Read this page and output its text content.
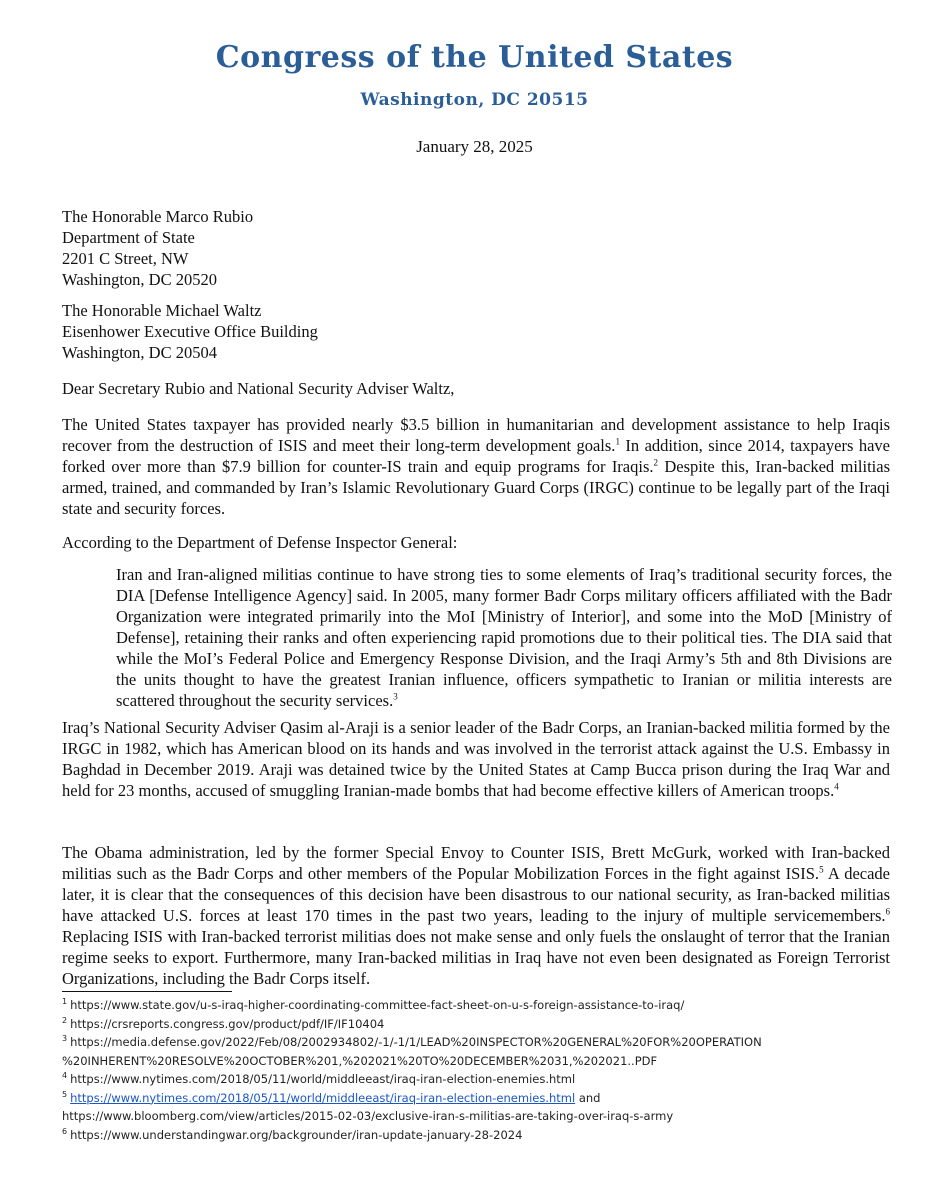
Congress of the United States
Washington, DC 20515
January 28, 2025
The Honorable Marco Rubio
Department of State
2201 C Street, NW
Washington, DC 20520
The Honorable Michael Waltz
Eisenhower Executive Office Building
Washington, DC 20504
Dear Secretary Rubio and National Security Adviser Waltz,

The United States taxpayer has provided nearly $3.5 billion in humanitarian and development assistance to help Iraqis recover from the destruction of ISIS and meet their long-term development goals.$^1$ In addition, since 2014, taxpayers have forked over more than $7.9 billion for counter-IS train and equip programs for Iraqis.$^2$ Despite this, Iran-backed militias armed, trained, and commanded by Iran’s Islamic Revolutionary Guard Corps (IRGC) continue to be legally part of the Iraqi state and security forces.

According to the Department of Defense Inspector General:

Iran and Iran-aligned militias continue to have strong ties to some elements of Iraq’s traditional security forces, the DIA [Defense Intelligence Agency] said. In 2005, many former Badr Corps military officers affiliated with the Badr Organization were integrated primarily into the MoI [Ministry of Interior], and some into the MoD [Ministry of Defense], retaining their ranks and often experiencing rapid promotions due to their political ties. The DIA said that while the MoI’s Federal Police and Emergency Response Division, and the Iraqi Army’s 5th and 8th Divisions are the units thought to have the greatest Iranian influence, officers sympathetic to Iranian or militia interests are scattered throughout the security services.$^3$

Iraq’s National Security Adviser Qasim al-Araji is a senior leader of the Badr Corps, an Iranian-backed militia formed by the IRGC in 1982, which has American blood on its hands and was involved in the terrorist attack against the U.S. Embassy in Baghdad in December 2019. Araji was detained twice by the United States at Camp Bucca prison during the Iraq War and held for 23 months, accused of smuggling Iranian-made bombs that had become effective killers of American troops.$^4$

The Obama administration, led by the former Special Envoy to Counter ISIS, Brett McGurk, worked with Iran-backed militias such as the Badr Corps and other members of the Popular Mobilization Forces in the fight against ISIS.$^5$ A decade later, it is clear that the consequences of this decision have been disastrous to our national security, as Iran-backed militias have attacked U.S. forces at least 170 times in the past two years, leading to the injury of multiple servicemembers.$^6$ Replacing ISIS with Iran-backed terrorist militias does not make sense and only fuels the onslaught of terror that the Iranian regime seeks to export. Furthermore, many Iran-backed militias in Iraq have not even been designated as Foreign Terrorist Organizations, including the Badr Corps itself.

$^1$ https://www.state.gov/u-s-iraq-higher-coordinating-committee-fact-sheet-on-u-s-foreign-assistance-to-iraq/
$^2$ https://crsreports.congress.gov/product/pdf/IF/IF10404
$^3$ https://media.defense.gov/2022/Feb/08/2002934802/-1/-1/1/LEAD%20INSPECTOR%20GENERAL%20FOR%20OPERATION
%20INHERENT%20RESOLVE%20OCTOBER%201,%202021%20TO%20DECEMBER%2031,%202021..PDF
$^4$ https://www.nytimes.com/2018/05/11/world/middleeast/iraq-iran-election-enemies.html
$^5$ https://www.nytimes.com/2018/05/11/world/middleeast/iraq-iran-election-enemies.html and
https://www.bloomberg.com/view/articles/2015-02-03/exclusive-iran-s-militias-are-taking-over-iraq-s-army
$^6$ https://www.understandingwar.org/backgrounder/iran-update-january-28-2024
